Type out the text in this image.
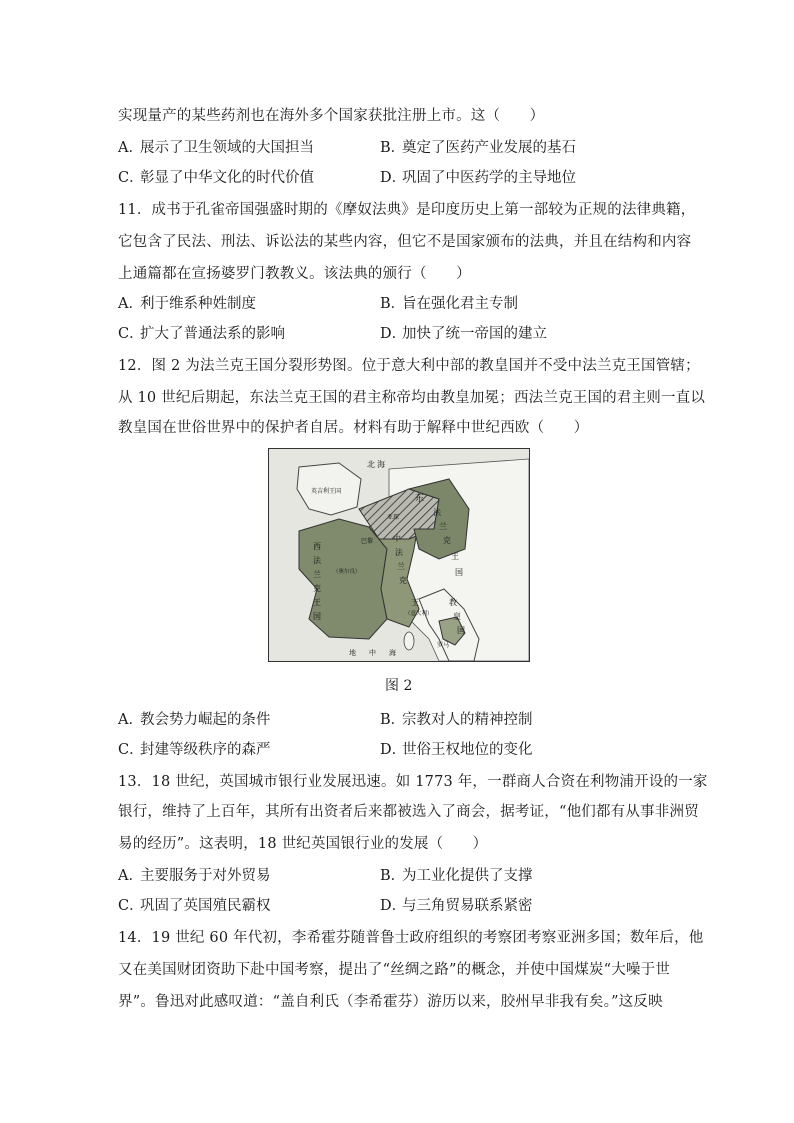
实现量产的某些药剂也在海外多个国家获批注册上市。这（　　）
A．展示了卫生领域的大国担当	B．奠定了医药产业发展的基石
C．彰显了中华文化的时代价值	D．巩固了中医药学的主导地位
11．成书于孔雀帝国强盛时期的《摩奴法典》是印度历史上第一部较为正规的法律典籍，
它包含了民法、刑法、诉讼法的某些内容，但它不是国家颁布的法典，并且在结构和内容
上通篇都在宣扬婆罗门教教义。该法典的颁行（　　）
A．利于维系种姓制度	B．旨在强化君主专制
C．扩大了普通法系的影响	D．加快了统一帝国的建立
12．图 2 为法兰克王国分裂形势图。位于意大利中部的教皇国并不受中法兰克王国管辖；
从 10 世纪后期起，东法兰克王国的君主称帝均由教皇加冕；西法兰克王国的君主则一直以
教皇国在世俗世界中的保护者自居。材料有助于解释中世纪西欧（　　）
北 海
英吉利王国
东
法
兰
克
王
国
西
法
兰
克
王
国
中
法
兰
克
王
（意大利）
巴黎
（奥尔良）
亚琛
教
皇
国
罗马
地 中 海
图 2
A．教会势力崛起的条件	B．宗教对人的精神控制
C．封建等级秩序的森严	D．世俗王权地位的变化
13．18 世纪，英国城市银行业发展迅速。如 1773 年，一群商人合资在利物浦开设的一家
银行，维持了上百年，其所有出资者后来都被选入了商会，据考证，“他们都有从事非洲贸
易的经历”。这表明，18 世纪英国银行业的发展（　　）
A．主要服务于对外贸易	B．为工业化提供了支撑
C．巩固了英国殖民霸权	D．与三角贸易联系紧密
14．19 世纪 60 年代初，李希霍芬随普鲁士政府组织的考察团考察亚洲多国；数年后，他
又在美国财团资助下赴中国考察，提出了“丝绸之路”的概念，并使中国煤炭“大噪于世
界”。鲁迅对此感叹道：“盖自利氏（李希霍芬）游历以来，胶州早非我有矣。”这反映
